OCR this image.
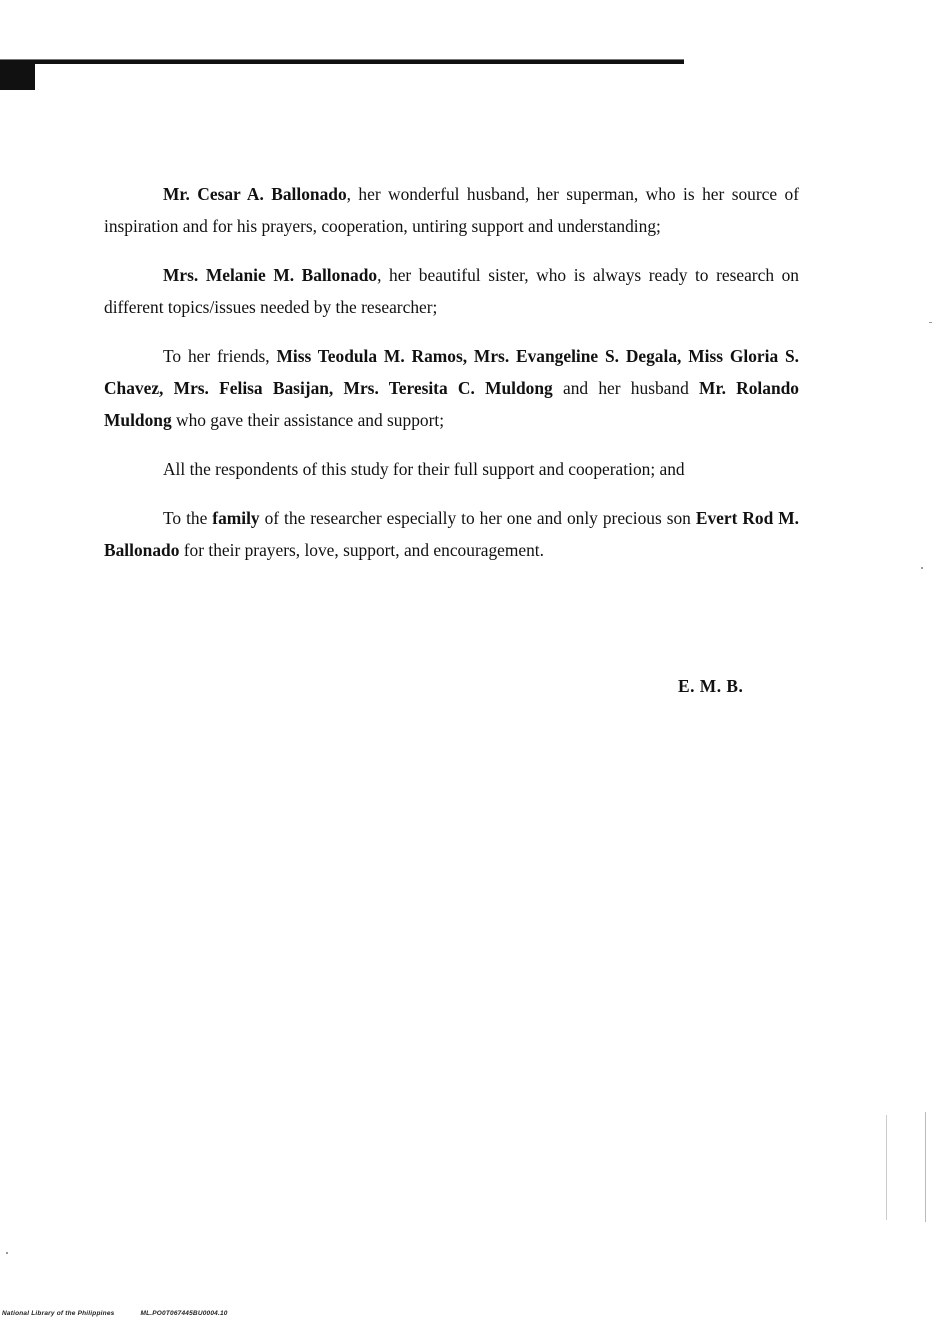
Mr. Cesar A. Ballonado, her wonderful husband, her superman, who is her source of inspiration and for his prayers, cooperation, untiring support and understanding;

Mrs. Melanie M. Ballonado, her beautiful sister, who is always ready to research on different topics/issues needed by the researcher;

To her friends, Miss Teodula M. Ramos, Mrs. Evangeline S. Degala, Miss Gloria S. Chavez, Mrs. Felisa Basijan, Mrs. Teresita C. Muldong and her husband Mr. Rolando Muldong who gave their assistance and support;

All the respondents of this study for their full support and cooperation; and

To the family of the researcher especially to her one and only precious son Evert Rod M. Ballonado for their prayers, love, support, and encouragement.

E. M. B.

National Library of the Philippines	ML.PO0T067445BU0004.10
